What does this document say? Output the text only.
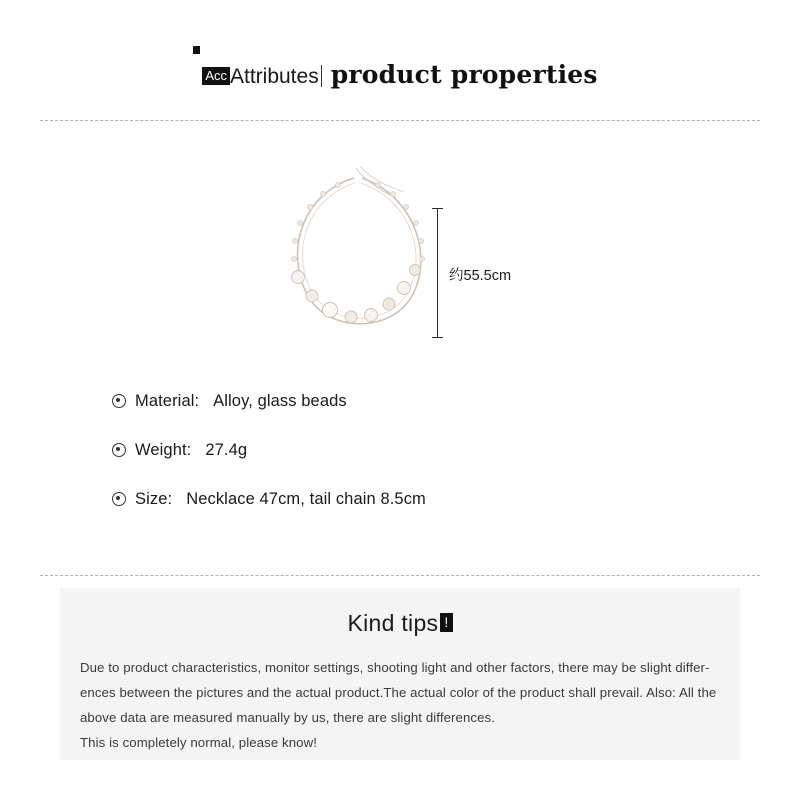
Acc Attributes product properties
约55.5cm
Material: Alloy, glass beads
Weight: 27.4g
Size: Necklace 47cm, tail chain 8.5cm
Kind tips !

Due to product characteristics, monitor settings, shooting light and other factors, there may be slight differ-

ences between the pictures and the actual product.The actual color of the product shall prevail. Also: All the

above data are measured manually by us, there are slight differences.

This is completely normal, please know!
